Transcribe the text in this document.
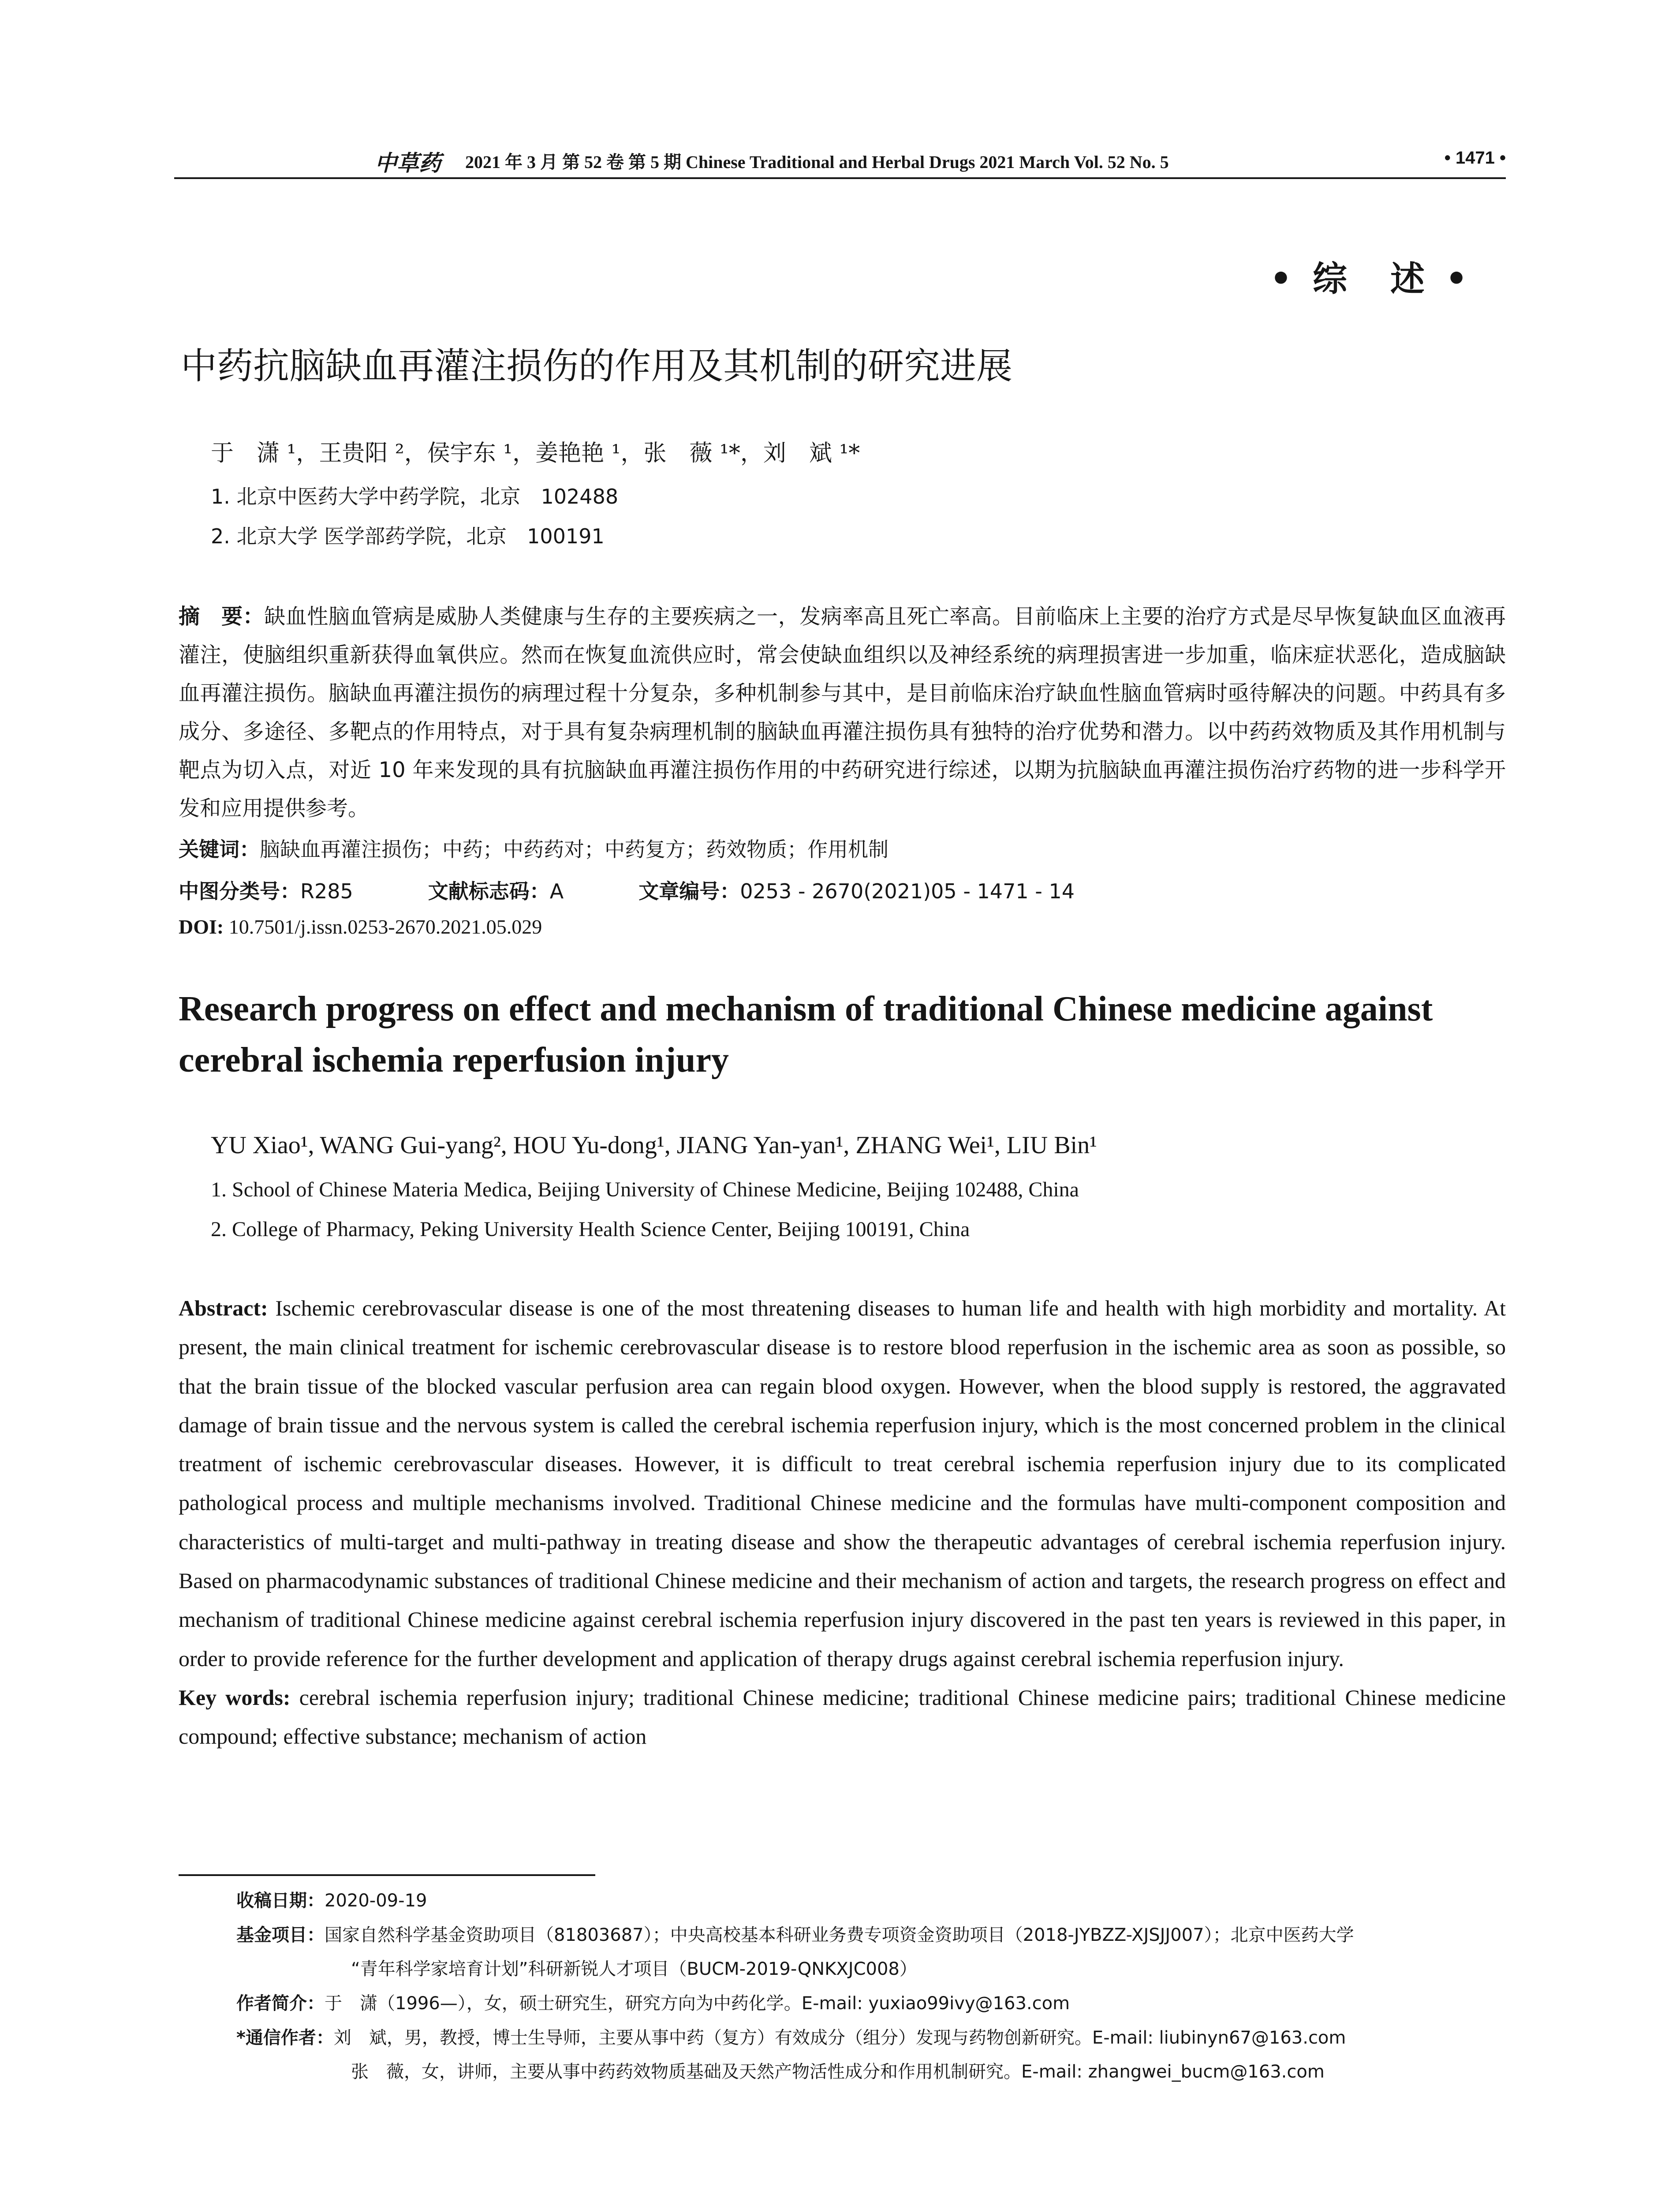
中草药 2021 年 3 月 第 52 卷 第 5 期 Chinese Traditional and Herbal Drugs 2021 March Vol. 52 No. 5	• 1471 •
• 综　述 •
中药抗脑缺血再灌注损伤的作用及其机制的研究进展
于　潇 ¹，王贵阳 ²，侯宇东 ¹，姜艳艳 ¹，张　薇 ¹*，刘　斌 ¹*
1. 北京中医药大学中药学院，北京　102488
2. 北京大学 医学部药学院，北京　100191
摘　要：缺血性脑血管病是威胁人类健康与生存的主要疾病之一，发病率高且死亡率高。目前临床上主要的治疗方式是尽早恢复缺血区血液再灌注，使脑组织重新获得血氧供应。然而在恢复血流供应时，常会使缺血组织以及神经系统的病理损害进一步加重，临床症状恶化，造成脑缺血再灌注损伤。脑缺血再灌注损伤的病理过程十分复杂，多种机制参与其中，是目前临床治疗缺血性脑血管病时亟待解决的问题。中药具有多成分、多途径、多靶点的作用特点，对于具有复杂病理机制的脑缺血再灌注损伤具有独特的治疗优势和潜力。以中药药效物质及其作用机制与靶点为切入点，对近 10 年来发现的具有抗脑缺血再灌注损伤作用的中药研究进行综述，以期为抗脑缺血再灌注损伤治疗药物的进一步科学开发和应用提供参考。
关键词：脑缺血再灌注损伤；中药；中药药对；中药复方；药效物质；作用机制
中图分类号：R285	文献标志码：A	文章编号：0253 - 2670(2021)05 - 1471 - 14
DOI: 10.7501/j.issn.0253-2670.2021.05.029
Research progress on effect and mechanism of traditional Chinese medicine against cerebral ischemia reperfusion injury
YU Xiao¹, WANG Gui-yang², HOU Yu-dong¹, JIANG Yan-yan¹, ZHANG Wei¹, LIU Bin¹
1. School of Chinese Materia Medica, Beijing University of Chinese Medicine, Beijing 102488, China
2. College of Pharmacy, Peking University Health Science Center, Beijing 100191, China
Abstract: Ischemic cerebrovascular disease is one of the most threatening diseases to human life and health with high morbidity and mortality. At present, the main clinical treatment for ischemic cerebrovascular disease is to restore blood reperfusion in the ischemic area as soon as possible, so that the brain tissue of the blocked vascular perfusion area can regain blood oxygen. However, when the blood supply is restored, the aggravated damage of brain tissue and the nervous system is called the cerebral ischemia reperfusion injury, which is the most concerned problem in the clinical treatment of ischemic cerebrovascular diseases. However, it is difficult to treat cerebral ischemia reperfusion injury due to its complicated pathological process and multiple mechanisms involved. Traditional Chinese medicine and the formulas have multi-component composition and characteristics of multi-target and multi-pathway in treating disease and show the therapeutic advantages of cerebral ischemia reperfusion injury. Based on pharmacodynamic substances of traditional Chinese medicine and their mechanism of action and targets, the research progress on effect and mechanism of traditional Chinese medicine against cerebral ischemia reperfusion injury discovered in the past ten years is reviewed in this paper, in order to provide reference for the further development and application of therapy drugs against cerebral ischemia reperfusion injury.
Key words: cerebral ischemia reperfusion injury; traditional Chinese medicine; traditional Chinese medicine pairs; traditional Chinese medicine compound; effective substance; mechanism of action
收稿日期：2020-09-19
基金项目：国家自然科学基金资助项目（81803687）；中央高校基本科研业务费专项资金资助项目（2018-JYBZZ-XJSJJ007）；北京中医药大学
“青年科学家培育计划”科研新锐人才项目（BUCM-2019-QNKXJC008）
作者简介：于　潇（1996—），女，硕士研究生，研究方向为中药化学。E-mail: yuxiao99ivy@163.com
*通信作者：刘　斌，男，教授，博士生导师，主要从事中药（复方）有效成分（组分）发现与药物创新研究。E-mail: liubinyn67@163.com
张　薇，女，讲师，主要从事中药药效物质基础及天然产物活性成分和作用机制研究。E-mail: zhangwei_bucm@163.com
